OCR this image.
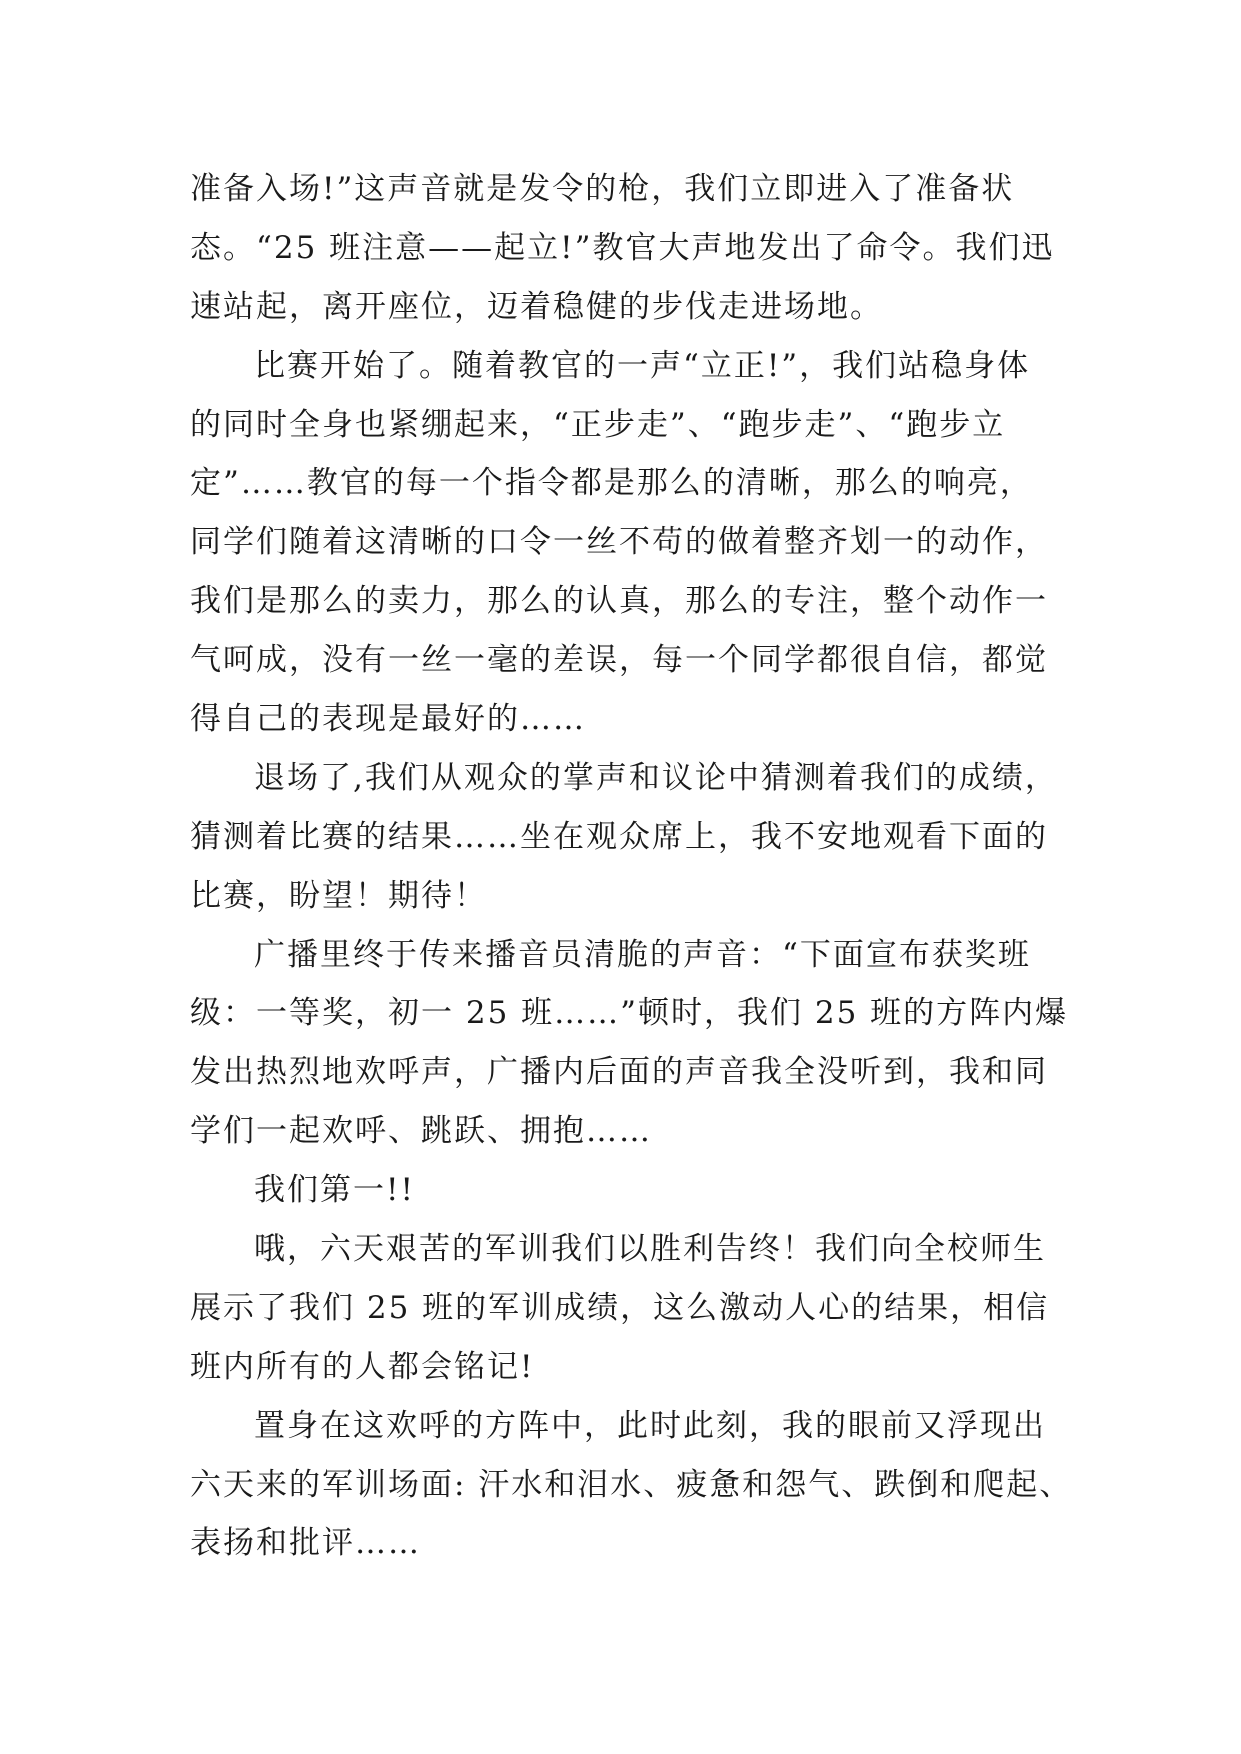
准备入场!”这声音就是发令的枪，我们立即进入了准备状
态。“25 班注意——起立!”教官大声地发出了命令。我们迅
速站起，离开座位，迈着稳健的步伐走进场地。
比赛开始了。随着教官的一声“立正!”，我们站稳身体
的同时全身也紧绷起来，“正步走”、“跑步走”、“跑步立
定”……教官的每一个指令都是那么的清晰，那么的响亮，
同学们随着这清晰的口令一丝不苟的做着整齐划一的动作，
我们是那么的卖力，那么的认真，那么的专注，整个动作一
气呵成，没有一丝一毫的差误，每一个同学都很自信，都觉
得自己的表现是最好的……
退场了,我们从观众的掌声和议论中猜测着我们的成绩，
猜测着比赛的结果……坐在观众席上，我不安地观看下面的
比赛，盼望！期待！
广播里终于传来播音员清脆的声音：“下面宣布获奖班
级：一等奖，初一 25 班……”顿时，我们 25 班的方阵内爆
发出热烈地欢呼声，广播内后面的声音我全没听到，我和同
学们一起欢呼、跳跃、拥抱……
我们第一!!
哦，六天艰苦的军训我们以胜利告终！我们向全校师生
展示了我们 25 班的军训成绩，这么激动人心的结果，相信
班内所有的人都会铭记!
置身在这欢呼的方阵中，此时此刻，我的眼前又浮现出
六天来的军训场面: 汗水和泪水、疲惫和怨气、跌倒和爬起、
表扬和批评……
